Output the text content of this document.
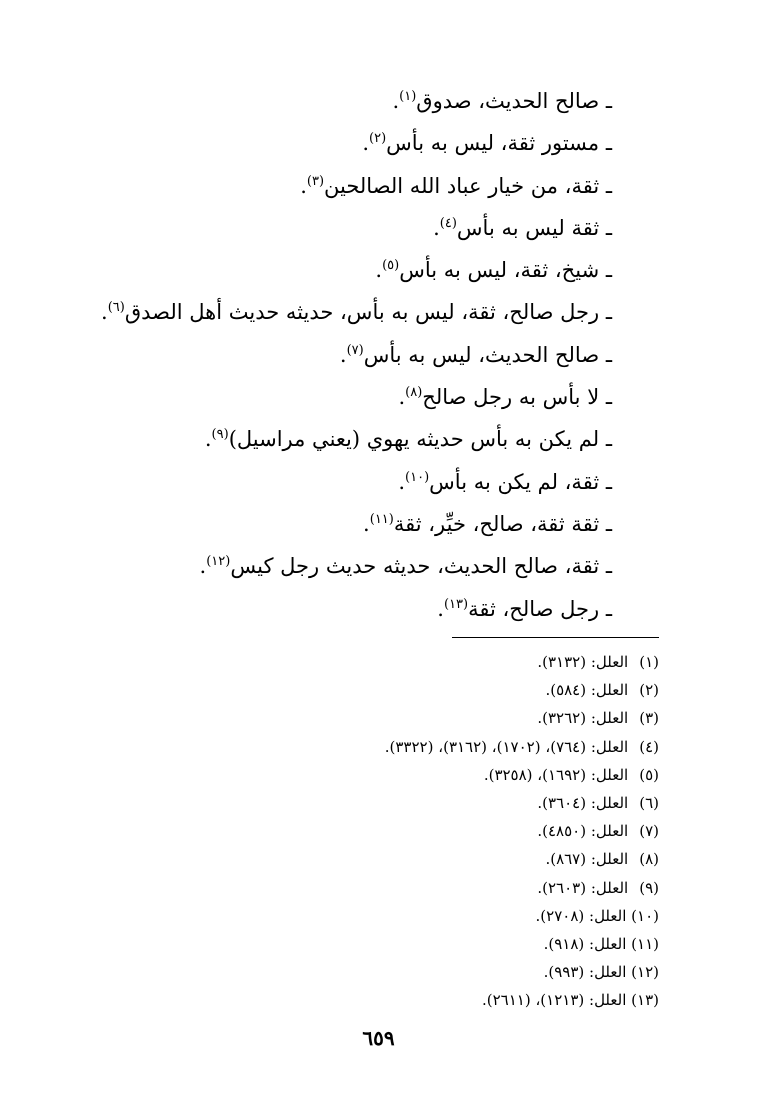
ـ صالح الحديث، صدوق$^{(١)}$.
ـ مستور ثقة، ليس به بأس$^{(٢)}$.
ـ ثقة، من خيار عباد الله الصالحين$^{(٣)}$.
ـ ثقة ليس به بأس$^{(٤)}$.
ـ شيخ، ثقة، ليس به بأس$^{(٥)}$.
ـ رجل صالح، ثقة، ليس به بأس، حديثه حديث أهل الصدق$^{(٦)}$.
ـ صالح الحديث، ليس به بأس$^{(٧)}$.
ـ لا بأس به رجل صالح$^{(٨)}$.
ـ لم يكن به بأس حديثه يهوي (يعني مراسيل)$^{(٩)}$.
ـ ثقة، لم يكن به بأس$^{(١٠)}$.
ـ ثقة ثقة، صالح، خيِّر، ثقة$^{(١١)}$.
ـ ثقة، صالح الحديث، حديثه حديث رجل كيس$^{(١٢)}$.
ـ رجل صالح، ثقة$^{(١٣)}$.
(١) العلل: (٣١٣٢).
(٢) العلل: (٥٨٤).
(٣) العلل: (٣٢٦٢).
(٤) العلل: (٧٦٤)، (١٧٠٢)، (٣١٦٢)، (٣٣٢٢).
(٥) العلل: (١٦٩٢)، (٣٢٥٨).
(٦) العلل: (٣٦٠٤).
(٧) العلل: (٤٨٥٠).
(٨) العلل: (٨٦٧).
(٩) العلل: (٢٦٠٣).
(١٠) العلل: (٢٧٠٨).
(١١) العلل: (٩١٨).
(١٢) العلل: (٩٩٣).
(١٣) العلل: (١٢١٣)، (٢٦١١).
٦٥٩
